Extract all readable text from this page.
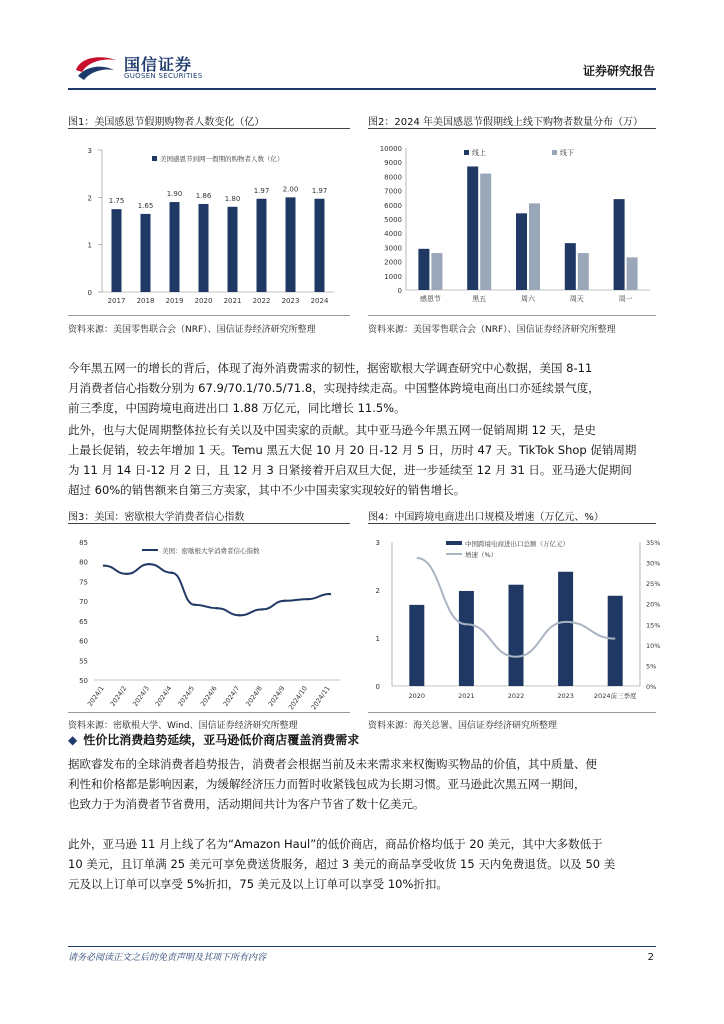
国信证券
GUOSEN SECURITIES	证券研究报告
图1：美国感恩节假期购物者人数变化（亿）	图2：2024 年美国感恩节假期线上线下购物者数量分布（万）
0
1
2
3
1.75
2017
1.65
2018
1.90
2019
1.86
2020
1.80
2021
1.97
2022
2.00
2023
1.97
2024
美国感恩节到网一假期的购物者人数（亿）
0
1000
2000
3000
4000
5000
6000
7000
8000
9000
10000
感恩节	黑五	周六	周天	周一
线上	线下
资料来源：美国零售联合会（NRF）、国信证券经济研究所整理	资料来源：美国零售联合会（NRF）、国信证券经济研究所整理
今年黑五网一的增长的背后，体现了海外消费需求的韧性，据密歇根大学调查研究中心数据，美国 8-11
月消费者信心指数分别为 67.9/70.1/70.5/71.8，实现持续走高。中国整体跨境电商出口亦延续景气度，
前三季度，中国跨境电商进出口 1.88 万亿元，同比增长 11.5%。
此外，也与大促周期整体拉长有关以及中国卖家的贡献。其中亚马逊今年黑五网一促销周期 12 天，是史
上最长促销，较去年增加 1 天。Temu 黑五大促 10 月 20 日-12 月 5 日，历时 47 天。TikTok Shop 促销周期
为 11 月 14 日-12 月 2 日，且 12 月 3 日紧接着开启双旦大促，进一步延续至 12 月 31 日。亚马逊大促期间
超过 60%的销售额来自第三方卖家，其中不少中国卖家实现较好的销售增长。
图3：美国：密歇根大学消费者信心指数	图4：中国跨境电商进出口规模及增速（万亿元、%）
50
55
60
65
70
75
80
85
2024/1 2024/2 2024/3 2024/4 2024/5 2024/6 2024/7 2024/8 2024/9 2024/10 2024/11
美国：密歇根大学消费者信心指数
0
1
2
3
0%
5%
10%
15%
20%
25%
30%
35%
2020	2021	2022	2023	2024前三季度
中国跨境电商进出口总额（万亿元）
增速（%）
资料来源：密歇根大学、Wind、国信证券经济研究所整理	资料来源：海关总署、国信证券经济研究所整理
◆ 性价比消费趋势延续，亚马逊低价商店覆盖消费需求
据欧睿发布的全球消费者趋势报告，消费者会根据当前及未来需求来权衡购买物品的价值，其中质量、便
利性和价格都是影响因素，为缓解经济压力而暂时收紧钱包成为长期习惯。亚马逊此次黑五网一期间，
也致力于为消费者节省费用，活动期间共计为客户节省了数十亿美元。
此外，亚马逊 11 月上线了名为“Amazon Haul”的低价商店，商品价格均低于 20 美元，其中大多数低于
10 美元，且订单满 25 美元可享免费送货服务，超过 3 美元的商品享受收货 15 天内免费退货。以及 50 美
元及以上订单可以享受 5%折扣，75 美元及以上订单可以享受 10%折扣。
请务必阅读正文之后的免责声明及其项下所有内容	2
